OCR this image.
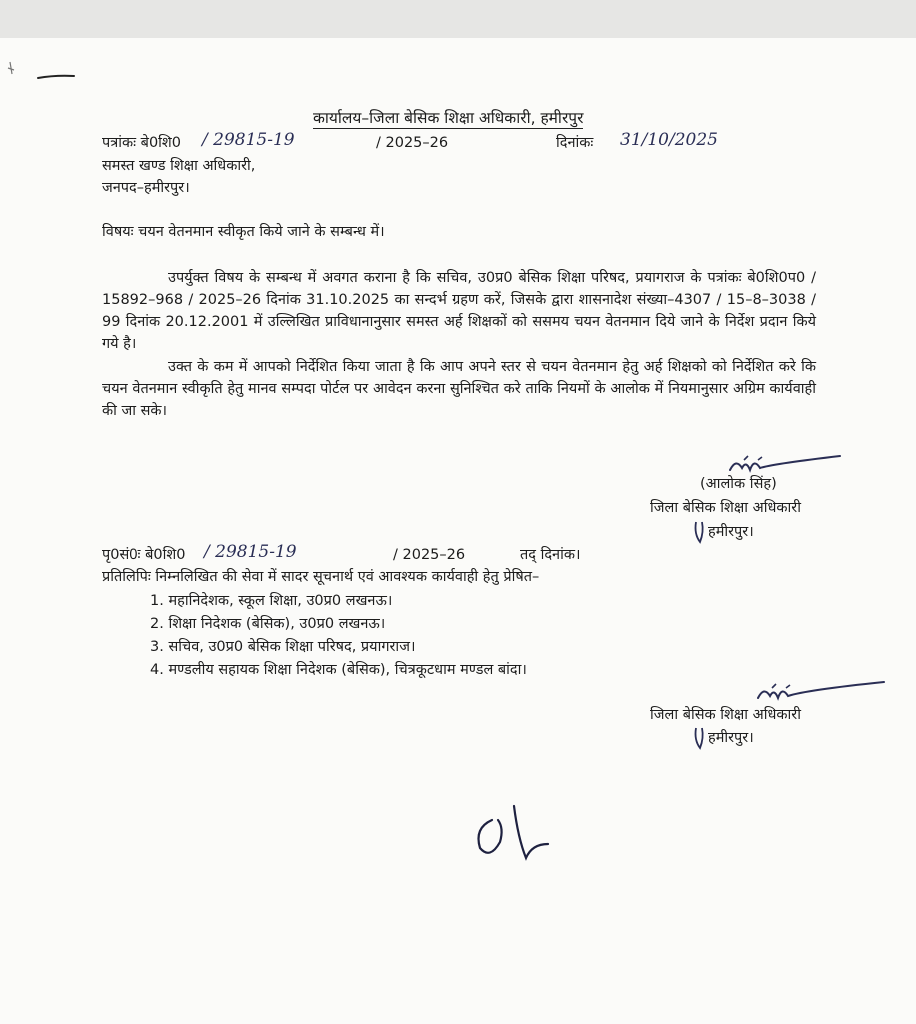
कार्यालय–जिला बेसिक शिक्षा अधिकारी, हमीरपुर
पत्रांकः बे0शि0 / 29815-19	/ 2025–26	दिनांकः 31/10/2025
समस्त खण्ड शिक्षा अधिकारी,
जनपद–हमीरपुर।
विषयः चयन वेतनमान स्वीकृत किये जाने के सम्बन्ध में।
उपर्युक्त विषय के सम्बन्ध में अवगत कराना है कि सचिव, उ0प्र0 बेसिक शिक्षा परिषद, प्रयागराज के पत्रांकः बे0शि0प0 / 15892–968 / 2025–26 दिनांक 31.10.2025 का सन्दर्भ ग्रहण करें, जिसके द्वारा शासनादेश संख्या–4307 / 15–8–3038 / 99 दिनांक 20.12.2001 में उल्लिखित प्राविधानानुसार समस्त अर्ह शिक्षकों को ससमय चयन वेतनमान दिये जाने के निर्देश प्रदान किये गये है।
उक्त के कम में आपको निर्देशित किया जाता है कि आप अपने स्तर से चयन वेतनमान हेतु अर्ह शिक्षको को निर्देशित करे कि चयन वेतनमान स्वीकृति हेतु मानव सम्पदा पोर्टल पर आवेदन करना सुनिश्चित करे ताकि नियमों के आलोक में नियमानुसार अग्रिम कार्यवाही की जा सके।
(आलोक सिंह)
जिला बेसिक शिक्षा अधिकारी
हमीरपुर।
पृ0सं0ः बे0शि0 / 29815-19	/ 2025–26	तद् दिनांक।
प्रतिलिपिः निम्नलिखित की सेवा में सादर सूचनार्थ एवं आवश्यक कार्यवाही हेतु प्रेषित–
1. महानिदेशक, स्कूल शिक्षा, उ0प्र0 लखनऊ।
2. शिक्षा निदेशक (बेसिक), उ0प्र0 लखनऊ।
3. सचिव, उ0प्र0 बेसिक शिक्षा परिषद, प्रयागराज।
4. मण्डलीय सहायक शिक्षा निदेशक (बेसिक), चित्रकूटधाम मण्डल बांदा।
जिला बेसिक शिक्षा अधिकारी
हमीरपुर।
